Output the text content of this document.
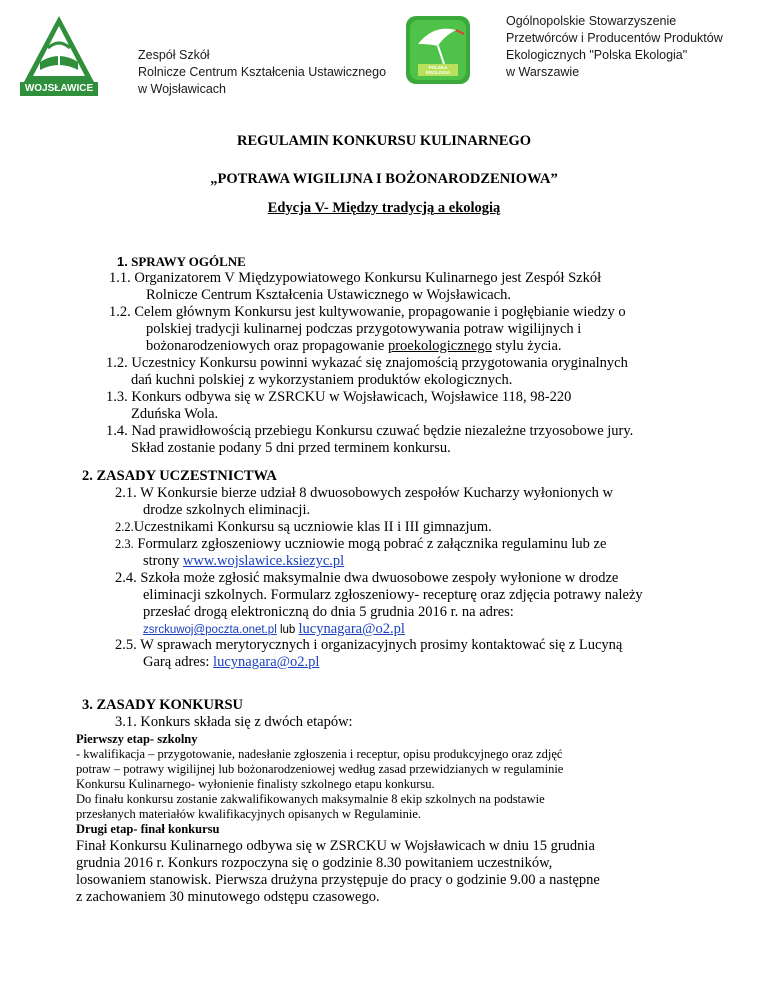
WOJSŁAWICE
Zespół Szkół
Rolnicze Centrum Kształcenia Ustawicznego
w Wojsławicach
POLSKA EKOLOGIA
Ogólnopolskie Stowarzyszenie
Przetwórców i Producentów Produktów
Ekologicznych "Polska Ekologia"
w Warszawie
REGULAMIN KONKURSU KULINARNEGO
„POTRAWA WIGILIJNA I BOŻONARODZENIOWA”
Edycja V- Między tradycją a ekologią
1. SPRAWY OGÓLNE
1.1. Organizatorem V Międzypowiatowego Konkursu Kulinarnego jest Zespół Szkół
Rolnicze Centrum Kształcenia Ustawicznego w Wojsławicach.
1.2. Celem głównym Konkursu jest kultywowanie, propagowanie i pogłębianie wiedzy o
polskiej tradycji kulinarnej podczas przygotowywania potraw wigilijnych i
bożonarodzeniowych oraz propagowanie proekologicznego stylu życia.
1.2. Uczestnicy Konkursu powinni wykazać się znajomością przygotowania oryginalnych
dań kuchni polskiej z wykorzystaniem produktów ekologicznych.
1.3. Konkurs odbywa się w ZSRCKU w Wojsławicach, Wojsławice 118, 98-220
Zduńska Wola.
1.4. Nad prawidłowością przebiegu Konkursu czuwać będzie niezależne trzyosobowe jury.
Skład zostanie podany 5 dni przed terminem konkursu.
2. ZASADY UCZESTNICTWA
2.1. W Konkursie bierze udział 8 dwuosobowych zespołów Kucharzy wyłonionych w
drodze szkolnych eliminacji.
2.2.Uczestnikami Konkursu są uczniowie klas II i III gimnazjum.
2.3. Formularz zgłoszeniowy uczniowie mogą pobrać z załącznika regulaminu lub ze
strony www.wojslawice.ksiezyc.pl
2.4. Szkoła może zgłosić maksymalnie dwa dwuosobowe zespoły wyłonione w drodze
eliminacji szkolnych. Formularz zgłoszeniowy- recepturę oraz zdjęcia potrawy należy
przesłać drogą elektroniczną do dnia 5 grudnia 2016 r. na adres:
zsrckuwoj@poczta.onet.pl lub lucynagara@o2.pl
2.5. W sprawach merytorycznych i organizacyjnych prosimy kontaktować się z Lucyną
Garą adres: lucynagara@o2.pl
3. ZASADY KONKURSU
3.1. Konkurs składa się z dwóch etapów:
Pierwszy etap- szkolny
- kwalifikacja – przygotowanie, nadesłanie zgłoszenia i receptur, opisu produkcyjnego oraz zdjęć
potraw – potrawy wigilijnej lub bożonarodzeniowej według zasad przewidzianych w regulaminie
Konkursu Kulinarnego- wyłonienie finalisty szkolnego etapu konkursu.
Do finału konkursu zostanie zakwalifikowanych maksymalnie 8 ekip szkolnych na podstawie
przesłanych materiałów kwalifikacyjnych opisanych w Regulaminie.
Drugi etap- finał konkursu
Finał Konkursu Kulinarnego odbywa się w ZSRCKU w Wojsławicach w dniu 15 grudnia
grudnia 2016 r. Konkurs rozpoczyna się o godzinie 8.30 powitaniem uczestników,
losowaniem stanowisk. Pierwsza drużyna przystępuje do pracy o godzinie 9.00 a następne
z zachowaniem 30 minutowego odstępu czasowego.
